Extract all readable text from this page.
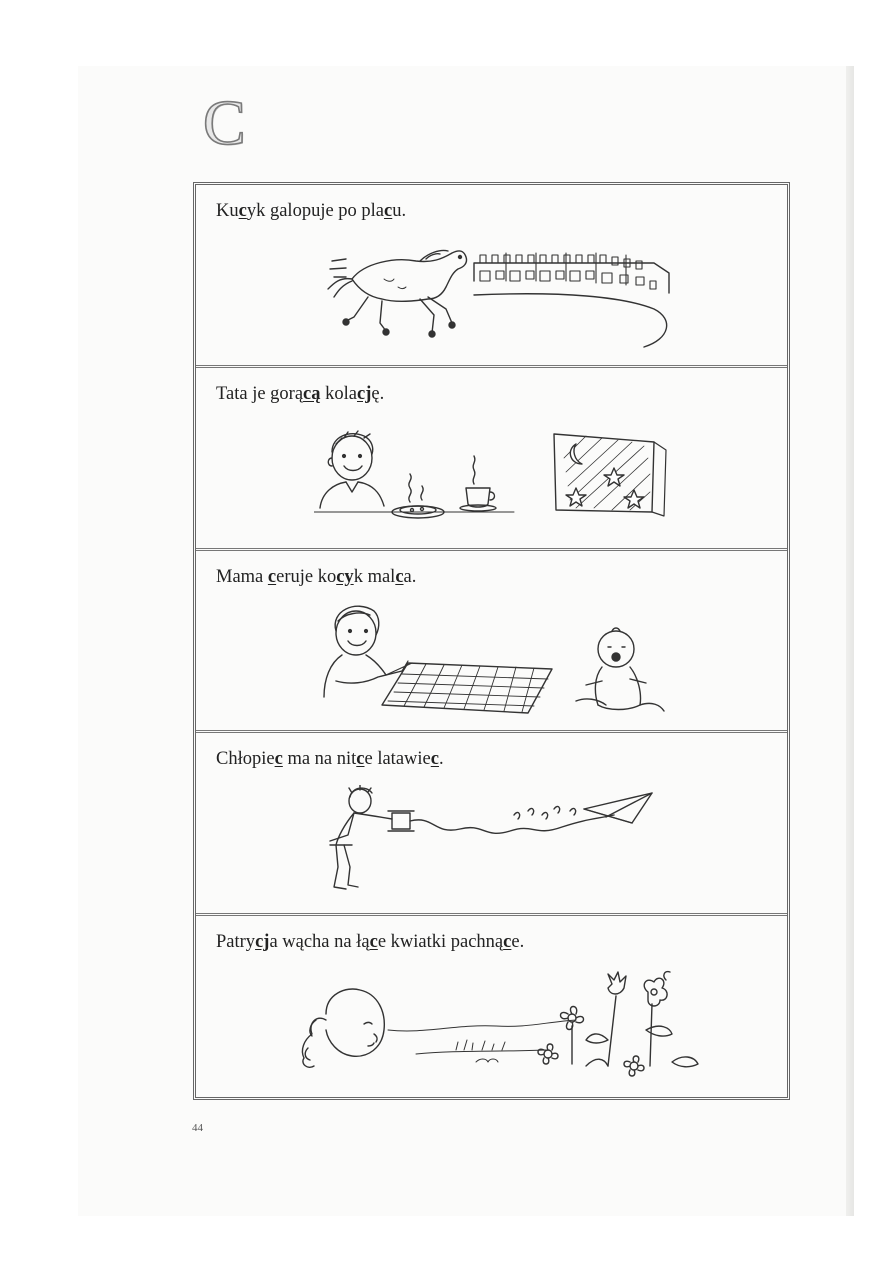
C
Kucyk galopuje po placu.
Tata je gorącą kolację.
Mama ceruje kocyk malca.
Chłopiec ma na nitce latawiec.
Patrycja wącha na łące kwiatki pachnące.
44
